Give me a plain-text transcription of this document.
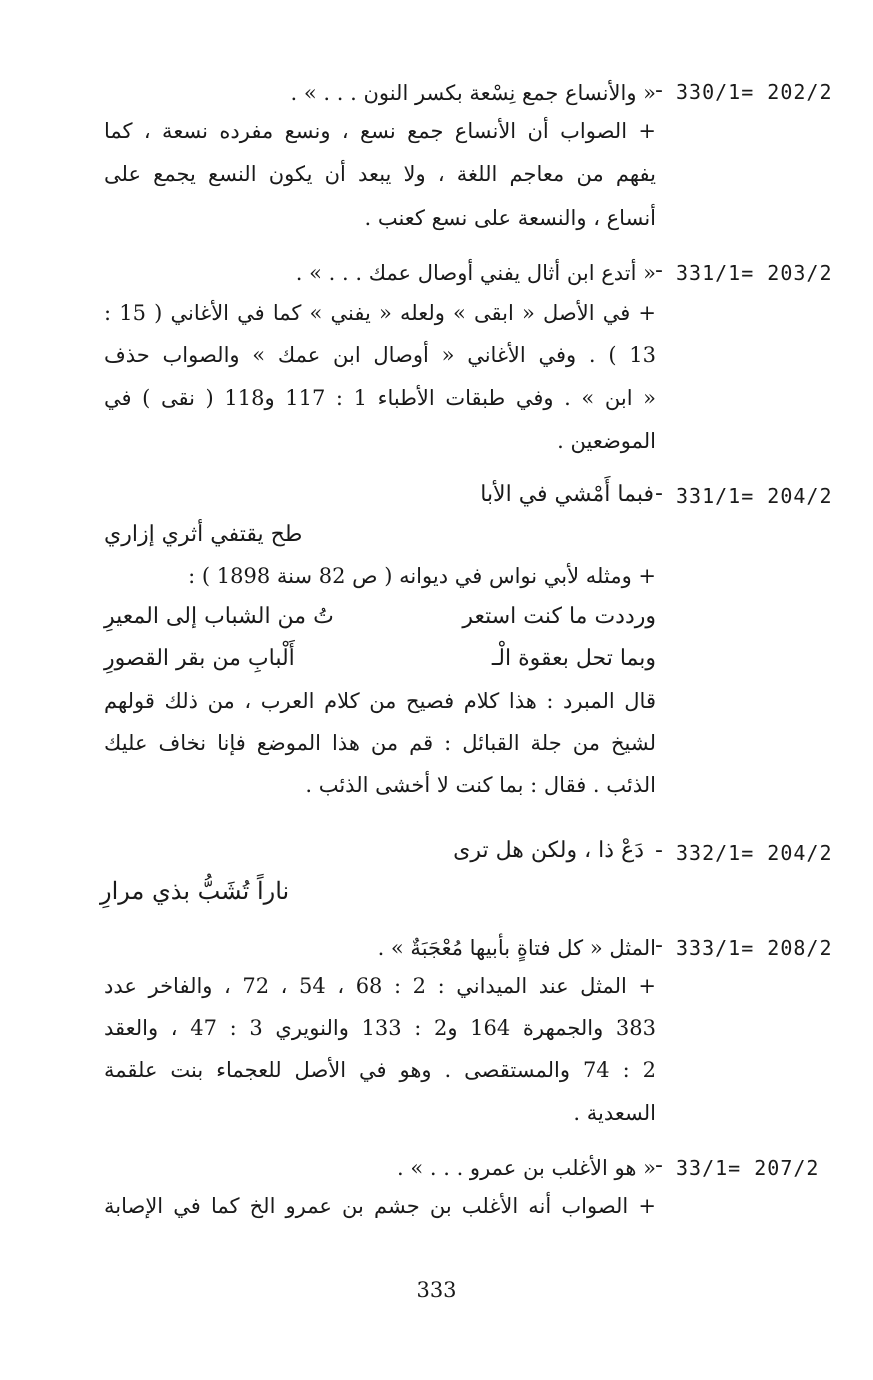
330/1= 202/2
-
« والأنساع جمع نِسْعة بكسر النون . . . » .
+ الصواب أن الأنساع جمع نسع ، ونسع مفرده نسعة ، كما
يفهم من معاجم اللغة ، ولا يبعد أن يكون النسع يجمع على
أنساع ، والنسعة على نسع كعنب .
331/1= 203/2
-
« أتدع ابن أثال يفني أوصال عمك . . . » .
+ في الأصل « ابقى » ولعله « يفني » كما في الأغاني ( 15 :
13 ) . وفي الأغاني « أوصال ابن عمك » والصواب حذف
« ابن » . وفي طبقات الأطباء 1 : 117 و118 ( نقى ) في
الموضعين .
331/1= 204/2
-
فبما أَمْشي في الأبا
طح يقتفي أثري إزاري
+ ومثله لأبي نواس في ديوانه ( ص 82 سنة 1898 ) :
ورددت ما كنت استعر
تُ من الشباب إلى المعيرِ
وبما تحل بعقوة الْـ
أَلْبابِ من بقر القصورِ
قال المبرد : هذا كلام فصيح من كلام العرب ، من ذلك قولهم
لشيخ من جلة القبائل : قم من هذا الموضع فإنا نخاف عليك
الذئب . فقال : بما كنت لا أخشى الذئب .
332/1= 204/2
-
دَعْ ذا ، ولكن هل ترى
ناراً تُشَبُّ بذي مرارِ
333/1= 208/2
-
المثل « كل فتاةٍ بأبيها مُعْجَبَةٌ » .
+ المثل عند الميداني : 2 : 68 ، 54 ، 72 ، والفاخر عدد
383 والجمهرة 164 و2 : 133 والنويري 3 : 47 ، والعقد
2 : 74 والمستقصى . وهو في الأصل للعجماء بنت علقمة
السعدية .
33/1= 207/2
-
« هو الأغلب بن عمرو . . . » .
+ الصواب أنه الأغلب بن جشم بن عمرو الخ كما في الإصابة
333
